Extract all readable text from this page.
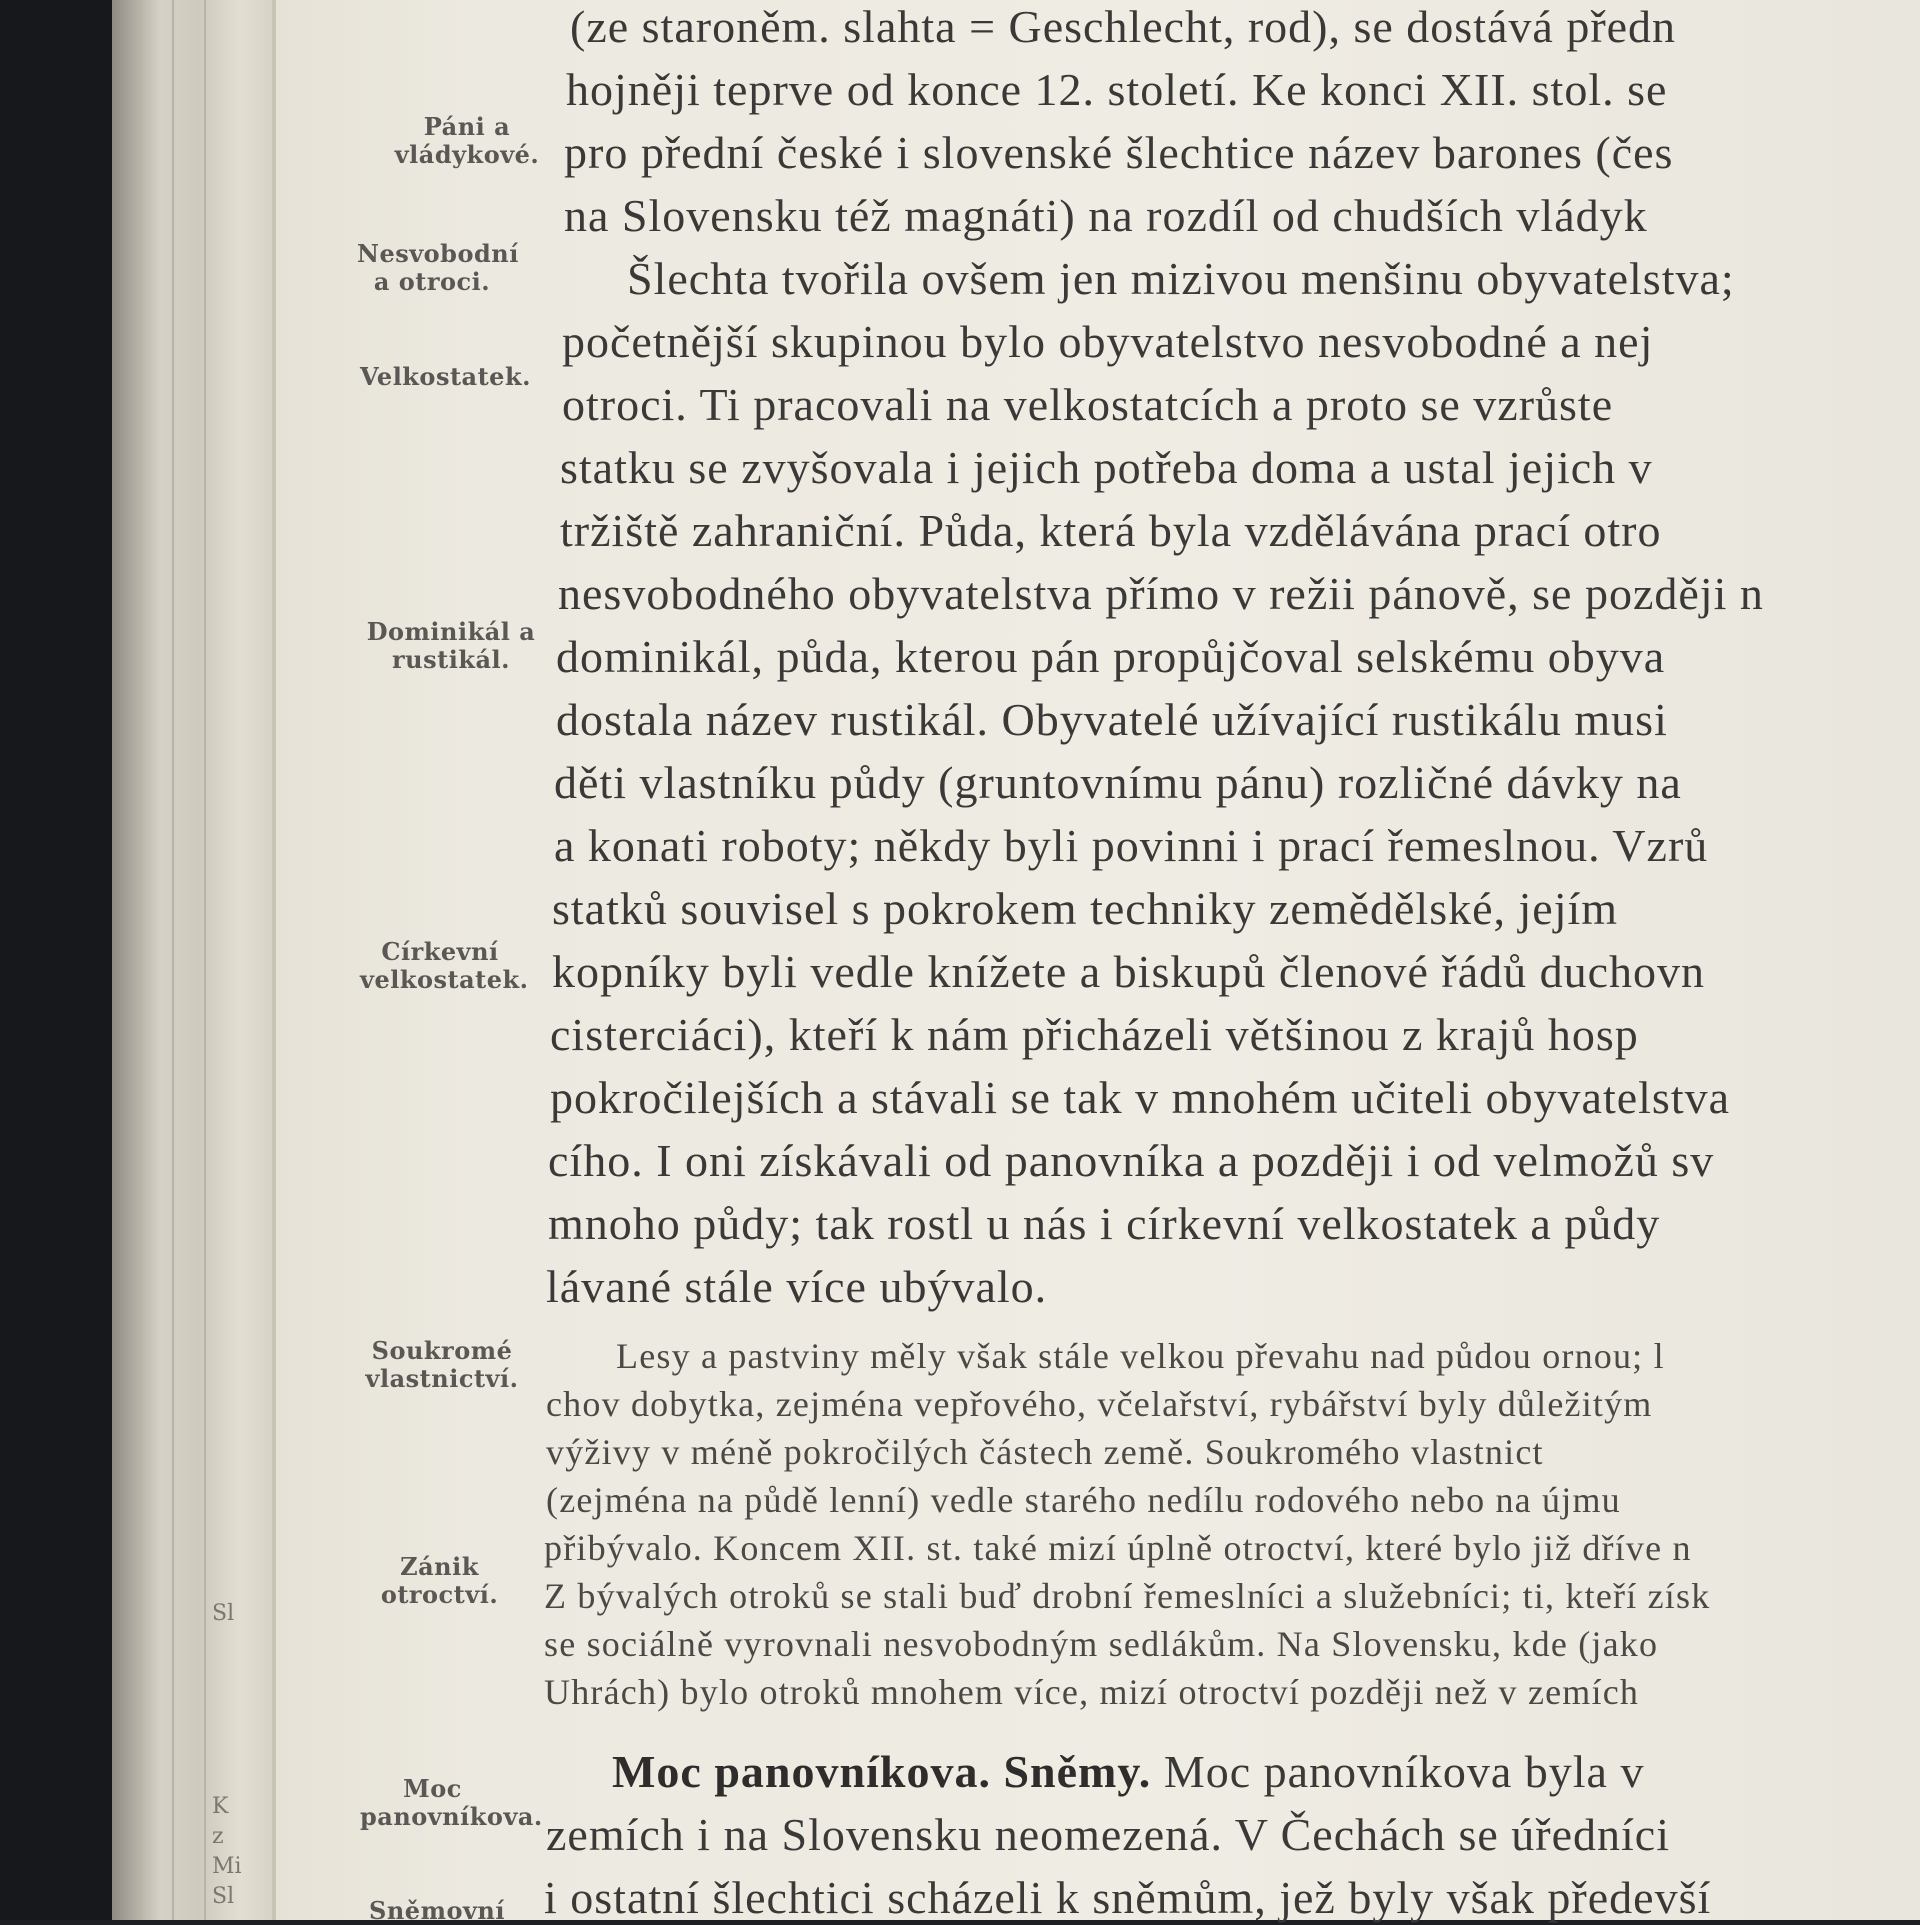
Sl
K
z
Mi
Sl
Páni a vládykové.
Nesvobodní a otroci.
Velkostatek.
Dominikál a rustikál.
Církevní velkostatek.
Soukromé vlastnictví.
Zánik otroctví.
Moc panovníkova.
Sněmovní
(ze staroněm. slahta = Geschlecht, rod), se dostává předn
hojněji teprve od konce 12. století. Ke konci XII. stol. se
pro přední české i slovenské šlechtice název barones (čes
na Slovensku též magnáti) na rozdíl od chudších vládyk
Šlechta tvořila ovšem jen mizivou menšinu obyvatelstva;
početnější skupinou bylo obyvatelstvo nesvobodné a nej
otroci. Ti pracovali na velkostatcích a proto se vzrůste
statku se zvyšovala i jejich potřeba doma a ustal jejich v
tržiště zahraniční. Půda, která byla vzdělávána prací otro
nesvobodného obyvatelstva přímo v režii pánově, se později n
dominikál, půda, kterou pán propůjčoval selskému obyva
dostala název rustikál. Obyvatelé užívající rustikálu musi
děti vlastníku půdy (gruntovnímu pánu) rozličné dávky na
a konati roboty; někdy byli povinni i prací řemeslnou. Vzrů
statků souvisel s pokrokem techniky zemědělské, jejím
kopníky byli vedle knížete a biskupů členové řádů duchovn
cisterciáci), kteří k nám přicházeli většinou z krajů hosp
pokročilejších a stávali se tak v mnohém učiteli obyvatelstva
cího. I oni získávali od panovníka a později i od velmožů sv
mnoho půdy; tak rostl u nás i církevní velkostatek a půdy
lávané stále více ubývalo.
Lesy a pastviny měly však stále velkou převahu nad půdou ornou; l
chov dobytka, zejména vepřového, včelařství, rybářství byly důležitým
výživy v méně pokročilých částech země. Soukromého vlastnict
(zejména na půdě lenní) vedle starého nedílu rodového nebo na újmu
přibývalo. Koncem XII. st. také mizí úplně otroctví, které bylo již dříve n
Z bývalých otroků se stali buď drobní řemeslníci a služebníci; ti, kteří získ
se sociálně vyrovnali nesvobodným sedlákům. Na Slovensku, kde (jako
Uhrách) bylo otroků mnohem více, mizí otroctví později než v zemích
Moc panovníkova. Sněmy. Moc panovníkova byla v
zemích i na Slovensku neomezená. V Čechách se úředníci
i ostatní šlechtici scházeli k sněmům, jež byly však předevší
